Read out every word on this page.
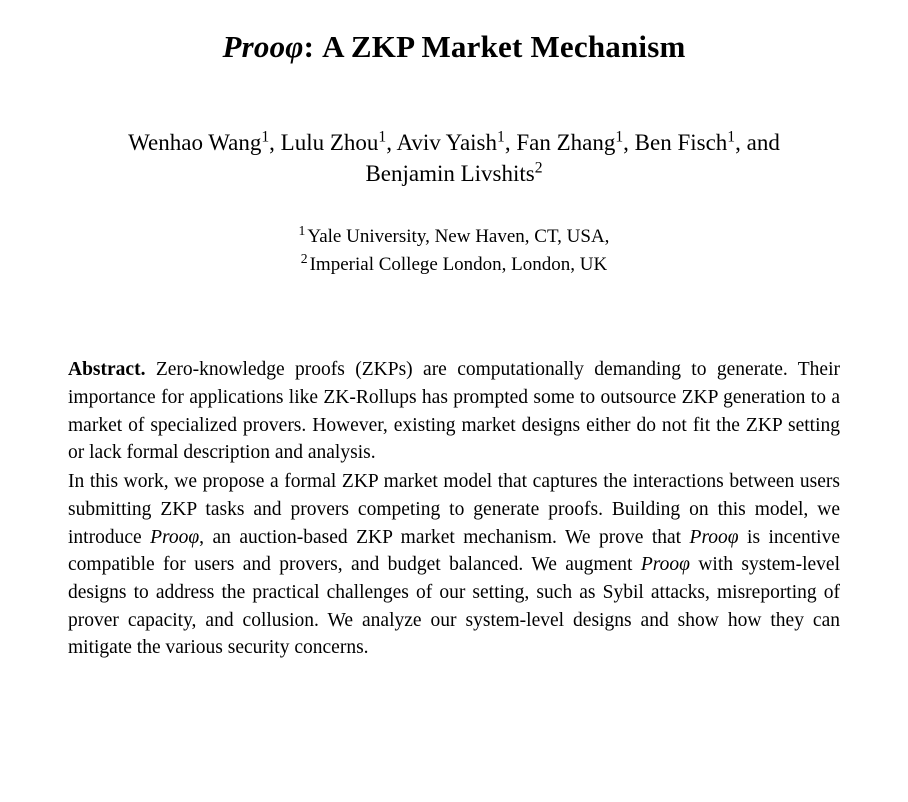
Prooφ: A ZKP Market Mechanism
Wenhao Wang$^1$, Lulu Zhou$^1$, Aviv Yaish$^1$, Fan Zhang$^1$, Ben Fisch$^1$, and
Benjamin Livshits$^2$
$^1$ Yale University, New Haven, CT, USA,
$^2$ Imperial College London, London, UK

Abstract. Zero-knowledge proofs (ZKPs) are computationally demanding to generate. Their importance for applications like ZK-Rollups has prompted some to outsource ZKP generation to a market of specialized provers. However, existing market designs either do not fit the ZKP setting or lack formal description and analysis.

In this work, we propose a formal ZKP market model that captures the interactions between users submitting ZKP tasks and provers competing to generate proofs. Building on this model, we introduce Prooφ, an auction-based ZKP market mechanism. We prove that Prooφ is incentive compatible for users and provers, and budget balanced. We augment Prooφ with system-level designs to address the practical challenges of our setting, such as Sybil attacks, misreporting of prover capacity, and collusion. We analyze our system-level designs and show how they can mitigate the various security concerns.
